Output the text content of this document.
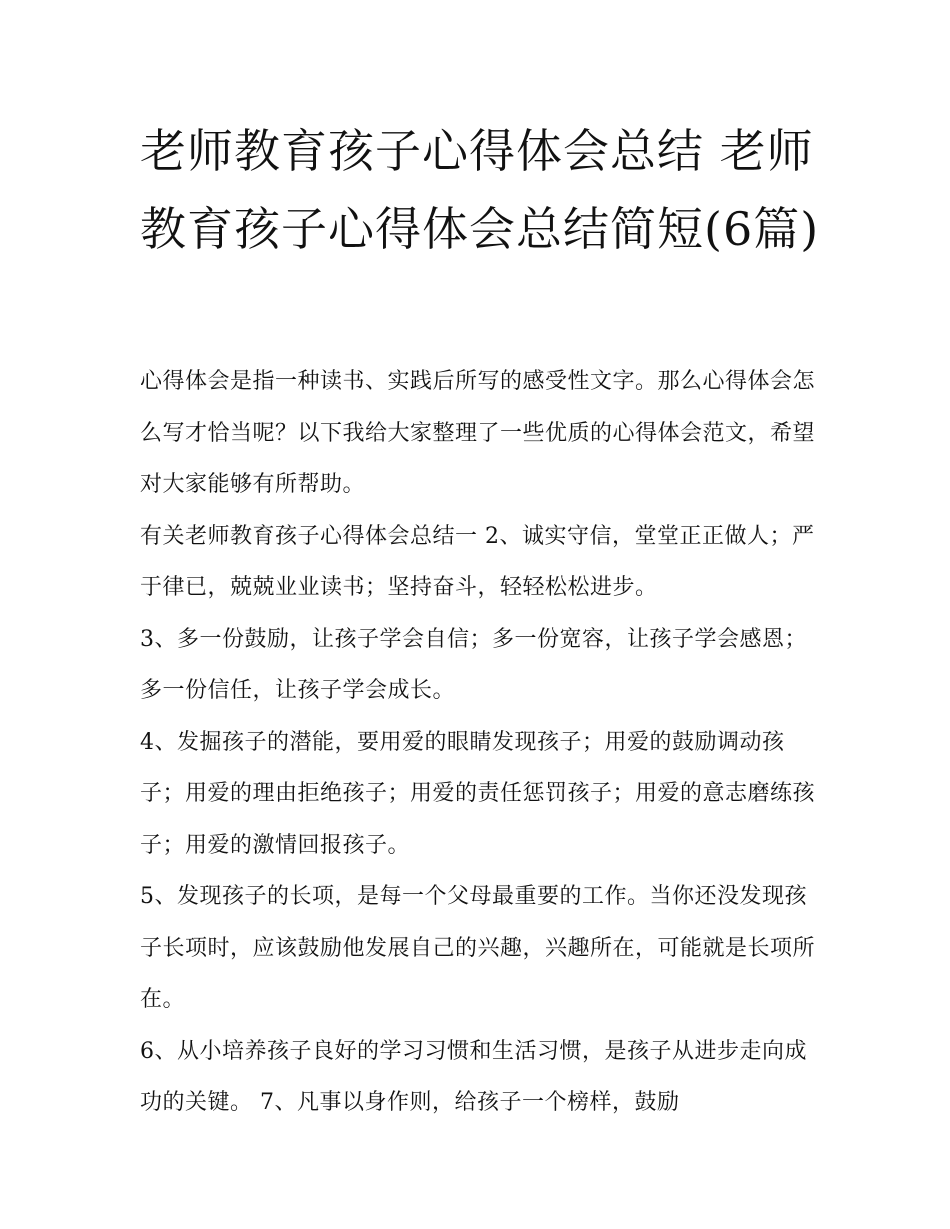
老师教育孩子心得体会总结 老师教育孩子心得体会总结简短(6篇)

心得体会是指一种读书、实践后所写的感受性文字。那么心得体会怎么写才恰当呢？以下我给大家整理了一些优质的心得体会范文，希望对大家能够有所帮助。

有关老师教育孩子心得体会总结一 2、诚实守信，堂堂正正做人；严于律已，兢兢业业读书；坚持奋斗，轻轻松松进步。

3、多一份鼓励，让孩子学会自信；多一份宽容，让孩子学会感恩；多一份信任，让孩子学会成长。

4、发掘孩子的潜能，要用爱的眼睛发现孩子；用爱的鼓励调动孩子；用爱的理由拒绝孩子；用爱的责任惩罚孩子；用爱的意志磨练孩子；用爱的激情回报孩子。

5、发现孩子的长项，是每一个父母最重要的工作。当你还没发现孩子长项时，应该鼓励他发展自己的兴趣，兴趣所在，可能就是长项所在。

6、从小培养孩子良好的学习习惯和生活习惯，是孩子从进步走向成功的关键。 7、凡事以身作则，给孩子一个榜样，鼓励
